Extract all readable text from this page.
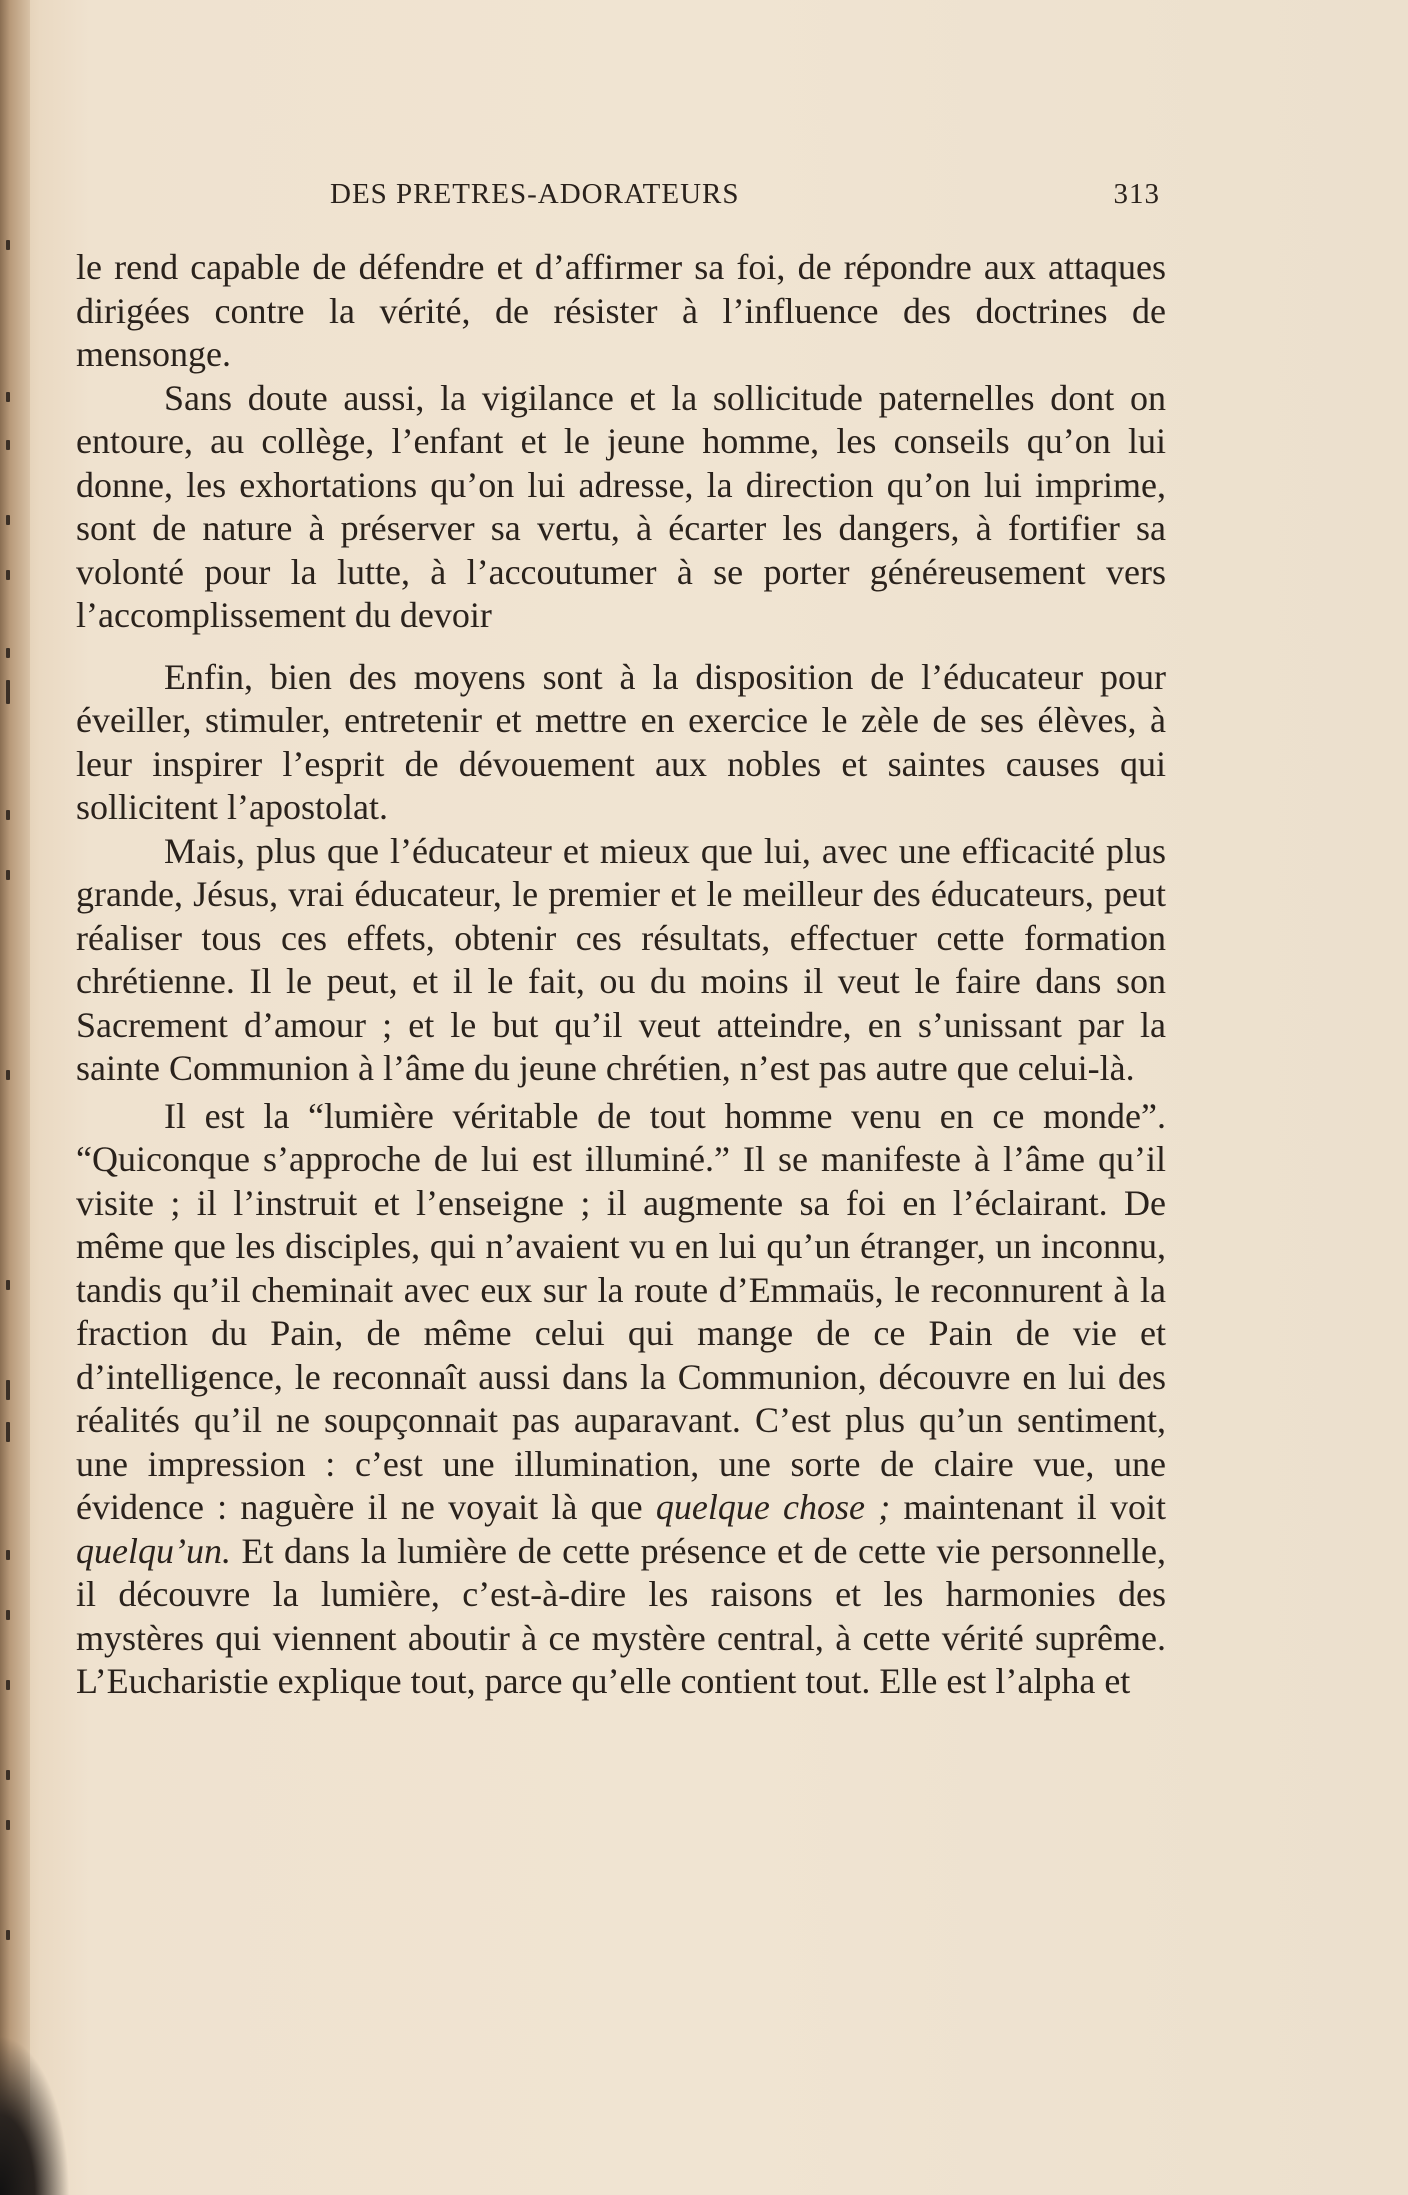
DES PRETRES-ADORATEURS	313

le rend capable de défendre et d’affirmer sa foi, de répondre aux attaques dirigées contre la vérité, de résister à l’influence des doctrines de mensonge.

Sans doute aussi, la vigilance et la sollicitude paternelles dont on entoure, au collège, l’enfant et le jeune homme, les conseils qu’on lui donne, les exhortations qu’on lui adresse, la direction qu’on lui imprime, sont de nature à préserver sa vertu, à écarter les dangers, à fortifier sa volonté pour la lutte, à l’accoutumer à se porter généreusement vers l’accomplissement du devoir

Enfin, bien des moyens sont à la disposition de l’éducateur pour éveiller, stimuler, entretenir et mettre en exercice le zèle de ses élèves, à leur inspirer l’esprit de dévouement aux nobles et saintes causes qui sollicitent l’apostolat.

Mais, plus que l’éducateur et mieux que lui, avec une efficacité plus grande, Jésus, vrai éducateur, le premier et le meilleur des éducateurs, peut réaliser tous ces effets, obtenir ces résultats, effectuer cette formation chrétienne. Il le peut, et il le fait, ou du moins il veut le faire dans son Sacrement d’amour ; et le but qu’il veut atteindre, en s’unissant par la sainte Communion à l’âme du jeune chrétien, n’est pas autre que celui-là.

Il est la “lumière véritable de tout homme venu en ce monde”. “Quiconque s’approche de lui est illuminé.” Il se manifeste à l’âme qu’il visite ; il l’instruit et l’enseigne ; il augmente sa foi en l’éclairant. De même que les disciples, qui n’avaient vu en lui qu’un étranger, un inconnu, tandis qu’il cheminait avec eux sur la route d’Emmaüs, le reconnurent à la fraction du Pain, de même celui qui mange de ce Pain de vie et d’intelligence, le reconnaît aussi dans la Communion, découvre en lui des réalités qu’il ne soupçonnait pas auparavant. C’est plus qu’un sentiment, une impression : c’est une illumination, une sorte de claire vue, une évidence : naguère il ne voyait là que quelque chose ; maintenant il voit quelqu’un. Et dans la lumière de cette présence et de cette vie personnelle, il découvre la lumière, c’est-à-dire les raisons et les harmonies des mystères qui viennent aboutir à ce mystère central, à cette vérité suprême. L’Eucharistie explique tout, parce qu’elle contient tout. Elle est l’alpha et
